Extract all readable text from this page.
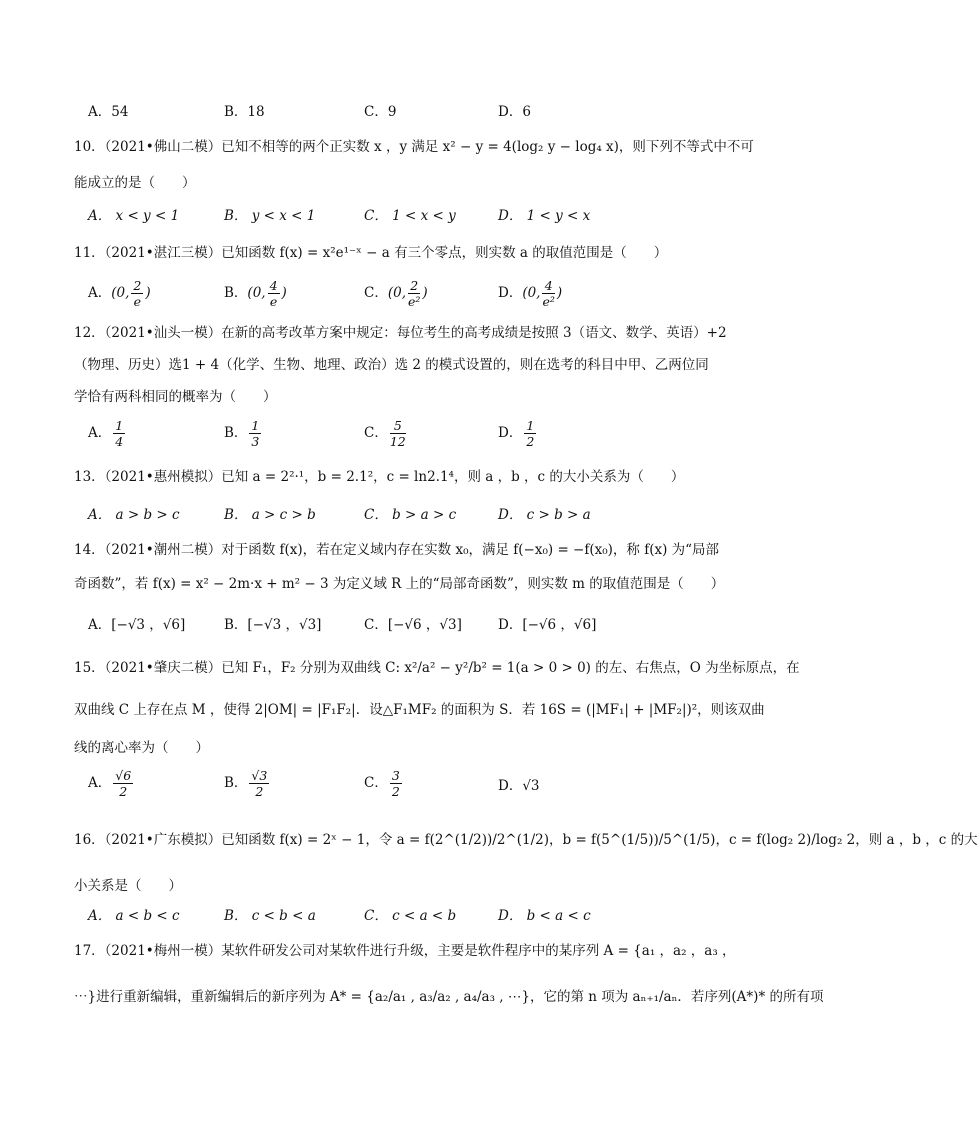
A．54	B．18	C．9	D．6
10．（2021•佛山二模）已知不相等的两个正实数 x ，y 满足 x² − y = 4(log₂ y − log₄ x)，则下列不等式中不可
能成立的是（　　）
A． x < y < 1	B． y < x < 1	C． 1 < x < y	D． 1 < y < x
11．（2021•湛江三模）已知函数 f(x) = x²e¹⁻ˣ − a 有三个零点，则实数 a 的取值范围是（　　）
A．(0, $\frac{2}{e}$ )	B．(0, $\frac{4}{e}$ )	C．(0, $\frac{2}{\text{e²}}$ )	D．(0, $\frac{4}{\text{e²}}$ )
12．（2021•汕头一模）在新的高考改革方案中规定：每位考生的高考成绩是按照 3（语文、数学、英语）+2
（物理、历史）选1 + 4（化学、生物、地理、政治）选 2 的模式设置的，则在选考的科目中甲、乙两位同
学恰有两科相同的概率为（　　）
A． $\frac{1}{4}$	B． $\frac{1}{3}$	C． $\frac{5}{12}$	D． $\frac{1}{2}$
13．（2021•惠州模拟）已知 a = 2²·¹，b = 2.1²，c = ln2.1⁴，则 a ，b ，c 的大小关系为（　　）
A． a > b > c	B． a > c > b	C． b > a > c	D． c > b > a
14．（2021•潮州二模）对于函数 f(x)，若在定义域内存在实数 x₀，满足 f(−x₀) = −f(x₀)，称 f(x) 为“局部
奇函数”，若 f(x) = x² − 2m·x + m² − 3 为定义域 R 上的“局部奇函数”，则实数 m 的取值范围是（　　）
A．[−√3 ，√6]	B．[−√3 ，√3]	C．[−√6 ，√3]	D．[−√6 ，√6]
15．（2021•肇庆二模）已知 F₁，F₂ 分别为双曲线 C: x²/a² − y²/b² = 1(a > 0 > 0) 的左、右焦点，O 为坐标原点，在
双曲线 C 上存在点 M ，使得 2|OM| = |F₁F₂|．设△F₁MF₂ 的面积为 S．若 16S = (|MF₁| + |MF₂|)²，则该双曲
线的离心率为（　　）
A． $\frac{√6}{2}$	B． $\frac{√3}{2}$	C． $\frac{3}{2}$	D．√3
16．（2021•广东模拟）已知函数 f(x) = 2ˣ − 1，令 a = f(2^(1/2))/2^(1/2)，b = f(5^(1/5))/5^(1/5)，c = f(log₂ 2)/log₂ 2，则 a ，b ，c 的大
小关系是（　　）
A． a < b < c	B． c < b < a	C． c < a < b	D． b < a < c
17．（2021•梅州一模）某软件研发公司对某软件进行升级，主要是软件程序中的某序列 A = {a₁ ，a₂ ，a₃ ，
⋯}进行重新编辑，重新编辑后的新序列为 A* = {a₂/a₁ , a₃/a₂ , a₄/a₃ , ⋯}，它的第 n 项为 aₙ₊₁/aₙ．若序列(A*)* 的所有项
